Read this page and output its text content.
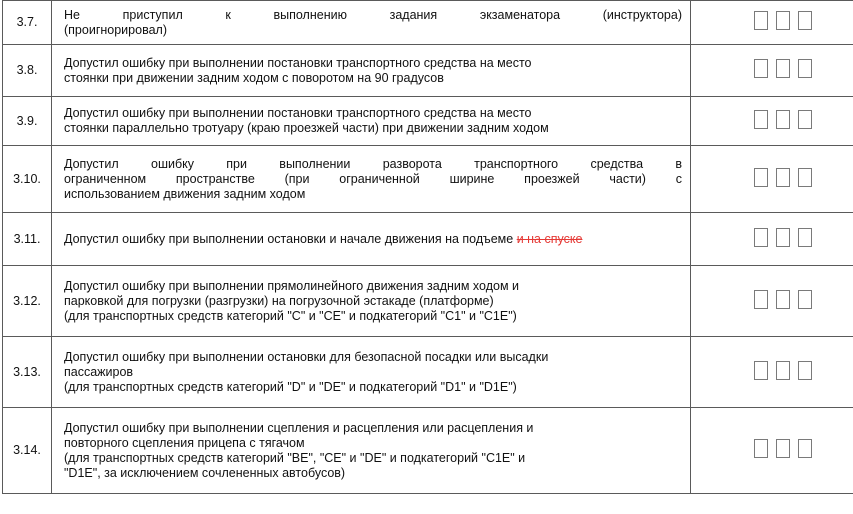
3.7.	Не приступил к выполнению задания экзаменатора (инструктора)
(проигнорировал)	

3.8.	Допустил ошибку при выполнении постановки транспортного средства на место
стоянки при движении задним ходом с поворотом на 90 градусов	

3.9.	Допустил ошибку при выполнении постановки транспортного средства на место
стоянки параллельно тротуару (краю проезжей части) при движении задним ходом	

3.10.	Допустил ошибку при выполнении разворота транспортного средства в
ограниченном пространстве (при ограниченной ширине проезжей части) с
использованием движения задним ходом	

3.11.	Допустил ошибку при выполнении остановки и начале движения на подъеме и на спуске	

3.12.	Допустил ошибку при выполнении прямолинейного движения задним ходом и
парковкой для погрузки (разгрузки) на погрузочной эстакаде (платформе)
(для транспортных средств категорий "C" и "CE" и подкатегорий "C1" и "C1E")	

3.13.	Допустил ошибку при выполнении остановки для безопасной посадки или высадки
пассажиров
(для транспортных средств категорий "D" и "DE" и подкатегорий "D1" и "D1E")	

3.14.	Допустил ошибку при выполнении сцепления и расцепления или расцепления и
повторного сцепления прицепа с тягачом
(для транспортных средств категорий "BE", "CE" и "DE" и подкатегорий "C1E" и
"D1E", за исключением сочлененных автобусов)	
